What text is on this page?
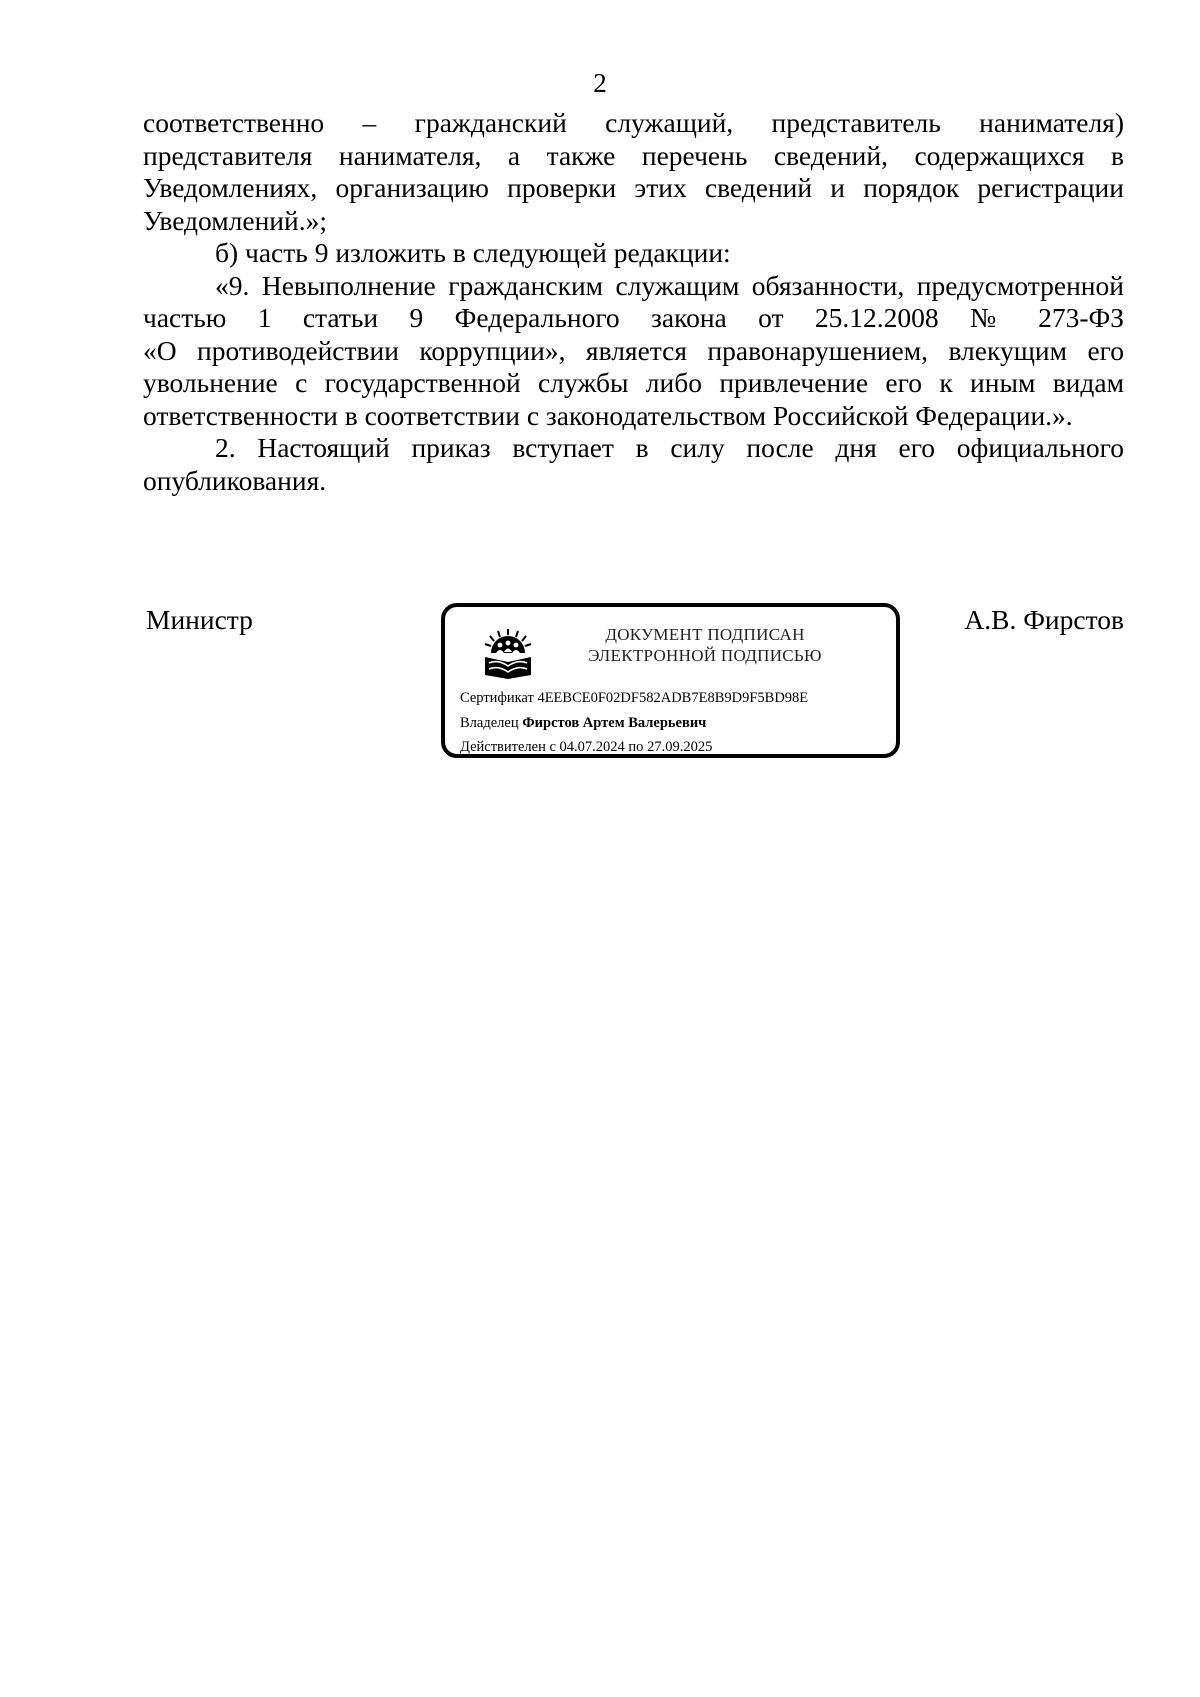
2

соответственно – гражданский служащий, представитель нанимателя)
представителя нанимателя, а также перечень сведений, содержащихся в
Уведомлениях, организацию проверки этих сведений и порядок регистрации
Уведомлений.»;

б) часть 9 изложить в следующей редакции:

«9. Невыполнение гражданским служащим обязанности, предусмотренной
частью 1 статьи 9 Федерального закона от 25.12.2008 № 273-ФЗ
«О противодействии коррупции», является правонарушением, влекущим его
увольнение с государственной службы либо привлечение его к иным видам
ответственности в соответствии с законодательством Российской Федерации.».

2. Настоящий приказ вступает в силу после дня его официального
опубликования.

Министр	ДОКУМЕНТ ПОДПИСАН
ЭЛЕКТРОННОЙ ПОДПИСЬЮ
Сертификат 4EEBCE0F02DF582ADB7E8B9D9F5BD98E
Владелец Фирстов Артем Валерьевич
Действителен с 04.07.2024 по 27.09.2025
А.В. Фирстов
